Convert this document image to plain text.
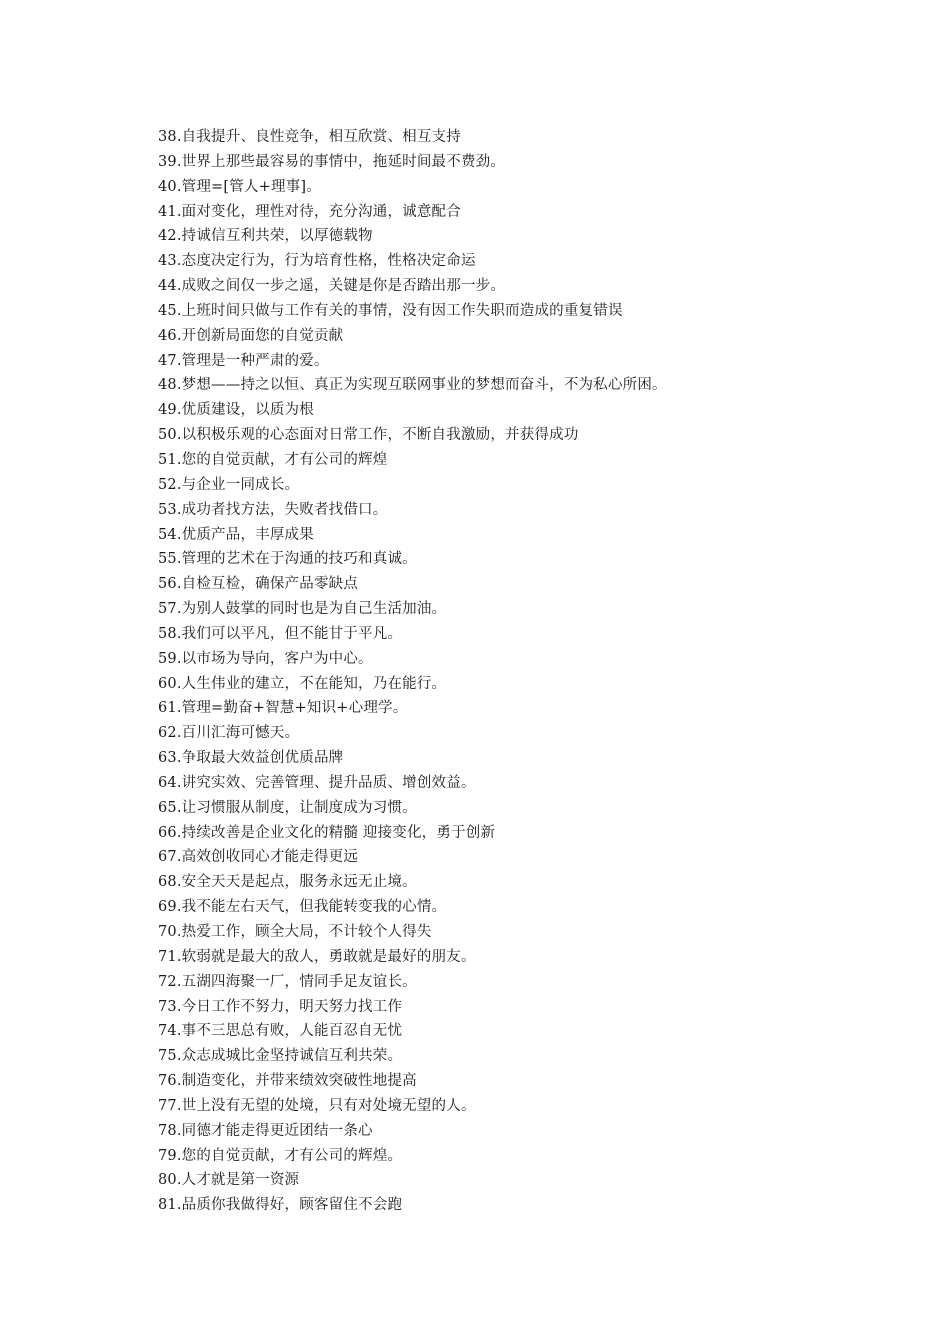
38.自我提升、良性竞争，相互欣赏、相互支持
39.世界上那些最容易的事情中，拖延时间最不费劲。
40.管理=[管人+理事]。
41.面对变化，理性对待，充分沟通，诚意配合
42.持诚信互利共荣，以厚德载物
43.态度决定行为，行为培育性格，性格决定命运
44.成败之间仅一步之遥，关键是你是否踏出那一步。
45.上班时间只做与工作有关的事情，没有因工作失职而造成的重复错误
46.开创新局面您的自觉贡献
47.管理是一种严肃的爱。
48.梦想——持之以恒、真正为实现互联网事业的梦想而奋斗，不为私心所困。
49.优质建设，以质为根
50.以积极乐观的心态面对日常工作，不断自我激励，并获得成功
51.您的自觉贡献，才有公司的辉煌
52.与企业一同成长。
53.成功者找方法，失败者找借口。
54.优质产品，丰厚成果
55.管理的艺术在于沟通的技巧和真诚。
56.自检互检，确保产品零缺点
57.为别人鼓掌的同时也是为自己生活加油。
58.我们可以平凡，但不能甘于平凡。
59.以市场为导向，客户为中心。
60.人生伟业的建立，不在能知，乃在能行。
61.管理=勤奋+智慧+知识+心理学。
62.百川汇海可憾天。
63.争取最大效益创优质品牌
64.讲究实效、完善管理、提升品质、增创效益。
65.让习惯服从制度，让制度成为习惯。
66.持续改善是企业文化的精髓 迎接变化，勇于创新
67.高效创收同心才能走得更远
68.安全天天是起点，服务永远无止境。
69.我不能左右天气，但我能转变我的心情。
70.热爱工作，顾全大局，不计较个人得失
71.软弱就是最大的敌人，勇敢就是最好的朋友。
72.五湖四海聚一厂，情同手足友谊长。
73.今日工作不努力，明天努力找工作
74.事不三思总有败，人能百忍自无忧
75.众志成城比金坚持诚信互利共荣。
76.制造变化，并带来绩效突破性地提高
77.世上没有无望的处境，只有对处境无望的人。
78.同德才能走得更近团结一条心
79.您的自觉贡献，才有公司的辉煌。
80.人才就是第一资源
81.品质你我做得好，顾客留住不会跑
